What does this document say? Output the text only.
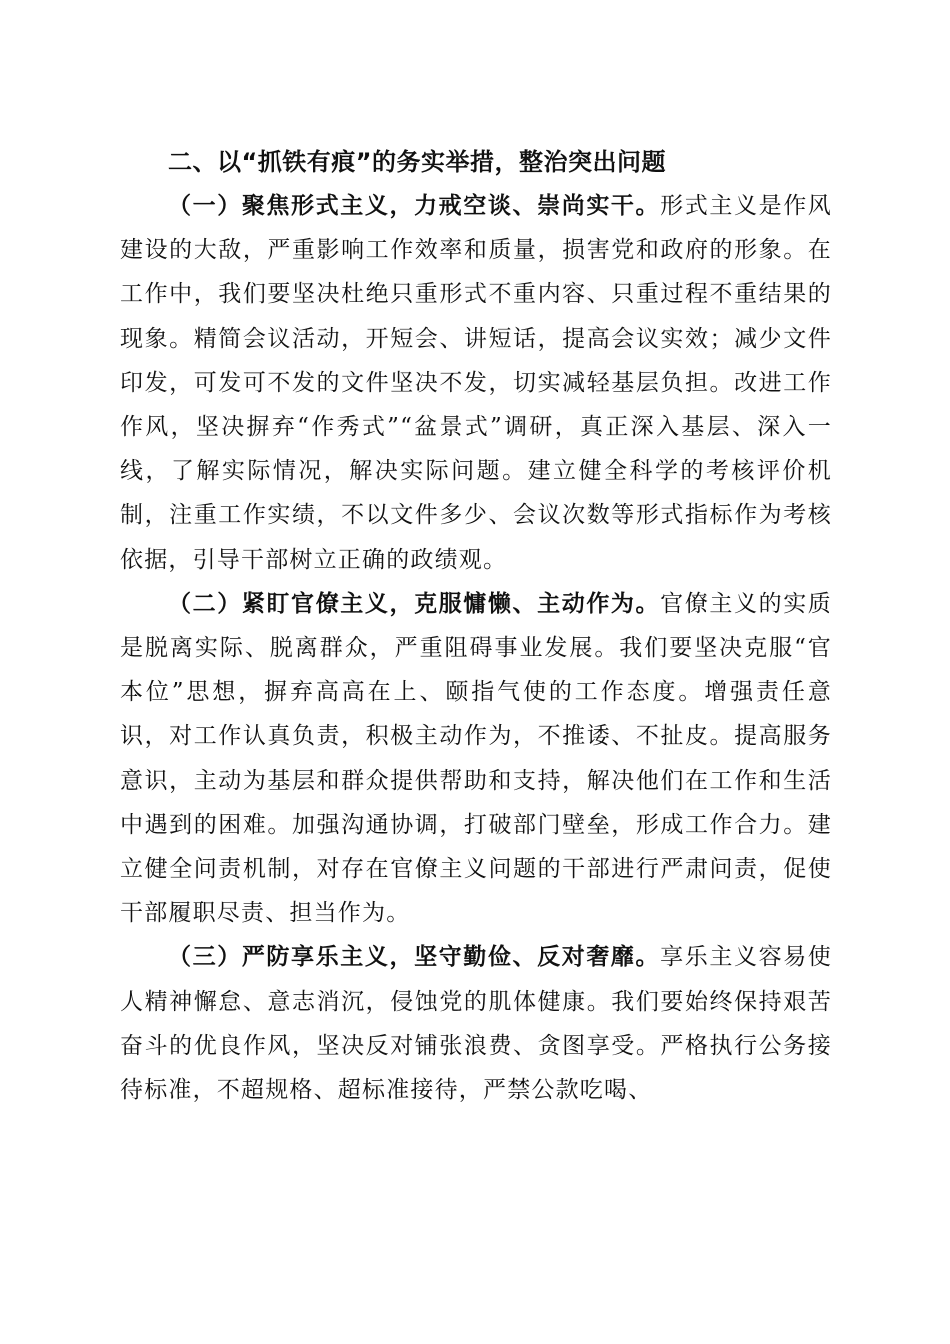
二、以“抓铁有痕”的务实举措，整治突出问题

（一）聚焦形式主义，力戒空谈、崇尚实干。形式主义是作风建设的大敌，严重影响工作效率和质量，损害党和政府的形象。在工作中，我们要坚决杜绝只重形式不重内容、只重过程不重结果的现象。精简会议活动，开短会、讲短话，提高会议实效；减少文件印发，可发可不发的文件坚决不发，切实减轻基层负担。改进工作作风，坚决摒弃“作秀式”“盆景式”调研，真正深入基层、深入一线，了解实际情况，解决实际问题。建立健全科学的考核评价机制，注重工作实绩，不以文件多少、会议次数等形式指标作为考核依据，引导干部树立正确的政绩观。

（二）紧盯官僚主义，克服慵懒、主动作为。官僚主义的实质是脱离实际、脱离群众，严重阻碍事业发展。我们要坚决克服“官本位”思想，摒弃高高在上、颐指气使的工作态度。增强责任意识，对工作认真负责，积极主动作为，不推诿、不扯皮。提高服务意识，主动为基层和群众提供帮助和支持，解决他们在工作和生活中遇到的困难。加强沟通协调，打破部门壁垒，形成工作合力。建立健全问责机制，对存在官僚主义问题的干部进行严肃问责，促使干部履职尽责、担当作为。

（三）严防享乐主义，坚守勤俭、反对奢靡。享乐主义容易使人精神懈怠、意志消沉，侵蚀党的肌体健康。我们要始终保持艰苦奋斗的优良作风，坚决反对铺张浪费、贪图享受。严格执行公务接待标准，不超规格、超标准接待，严禁公款吃喝、
